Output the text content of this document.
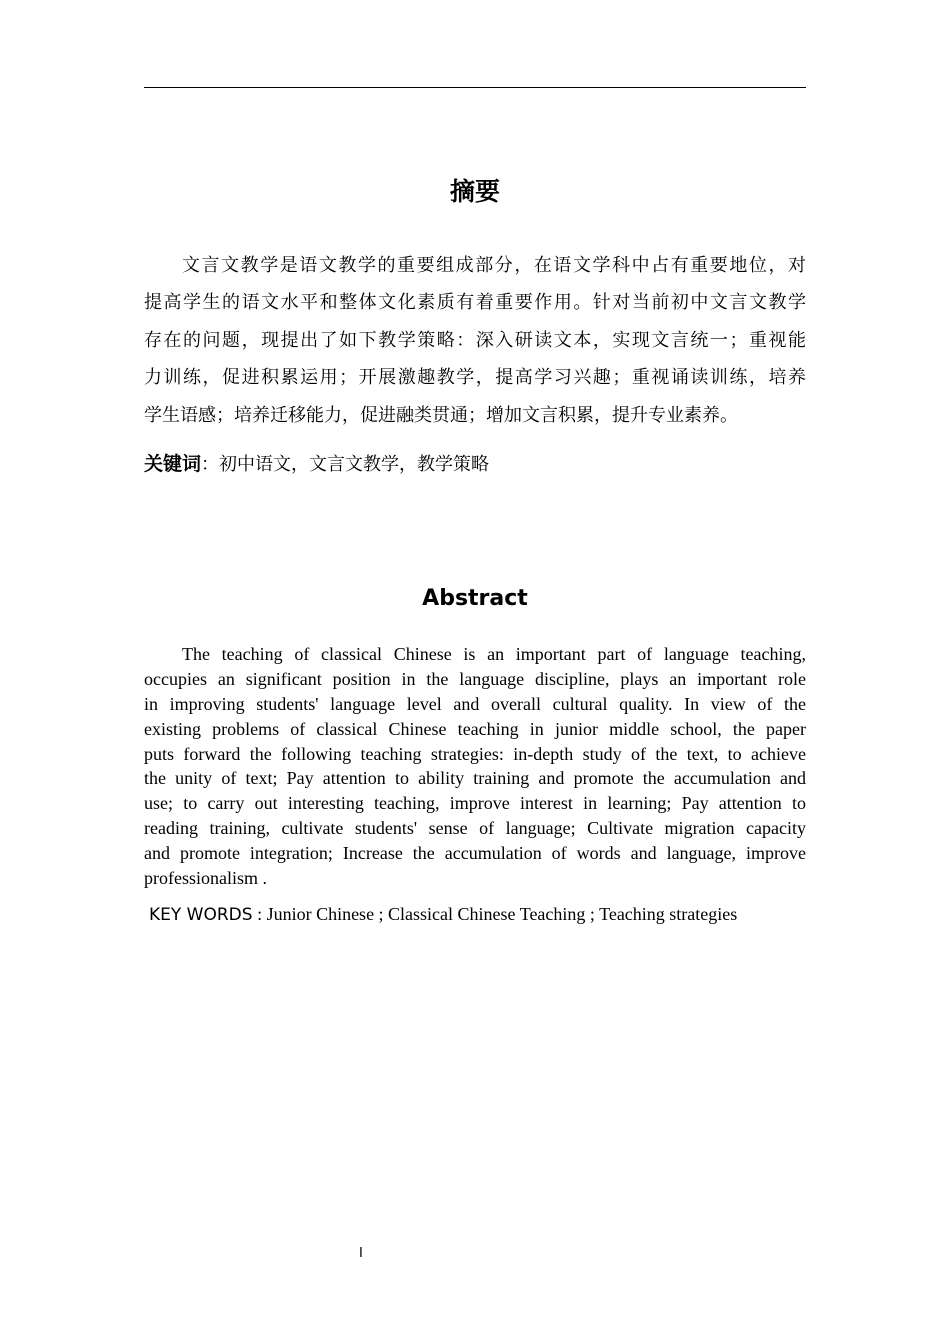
摘要
文言文教学是语文教学的重要组成部分，在语文学科中占有重要地位，对
提高学生的语文水平和整体文化素质有着重要作用。针对当前初中文言文教学
存在的问题，现提出了如下教学策略：深入研读文本，实现文言统一；重视能
力训练，促进积累运用；开展激趣教学，提高学习兴趣；重视诵读训练，培养
学生语感；培养迁移能力，促进融类贯通；增加文言积累，提升专业素养。
关键词：初中语文，文言文教学，教学策略
Abstract
The teaching of classical Chinese is an important part of language teaching,
occupies an significant position in the language discipline, plays an important role
in improving students' language level and overall cultural quality. In view of the
existing problems of classical Chinese teaching in junior middle school, the paper
puts forward the following teaching strategies: in-depth study of the text, to achieve
the unity of text; Pay attention to ability training and promote the accumulation and
use; to carry out interesting teaching, improve interest in learning; Pay attention to
reading training, cultivate students' sense of language; Cultivate migration capacity
and promote integration; Increase the accumulation of words and language, improve
professionalism .
KEY WORDS : Junior Chinese ; Classical Chinese Teaching ; Teaching strategies
I
